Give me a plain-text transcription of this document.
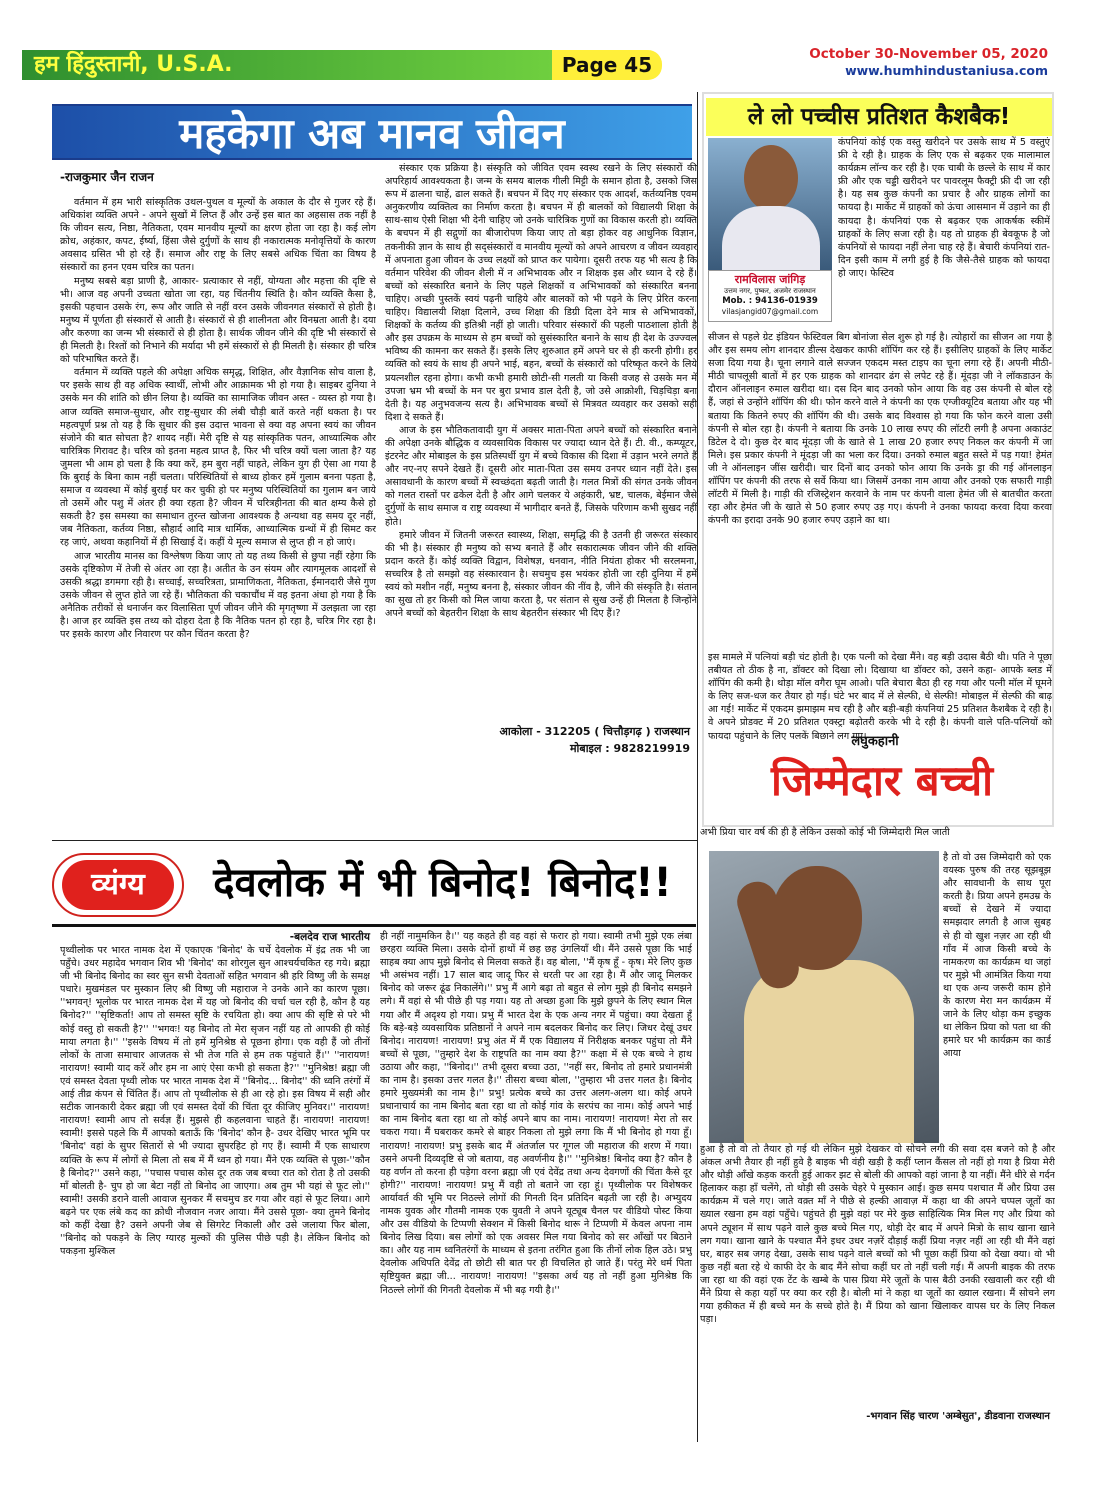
हम हिंदुस्तानी, U.S.A.	Page 45	October 30-November 05, 2020
www.humhindustaniusa.com
महकेगा अब मानव जीवन
-राजकुमार जैन राजन

वर्तमान में हम भारी सांस्कृतिक उथल-पुथल व मूल्यों के अकाल के दौर से गुजर रहे हैं। अधिकांश व्यक्ति अपने - अपने सुखों में लिप्त हैं और उन्हें इस बात का अहसास तक नहीं है कि जीवन सत्य, निष्ठा, नैतिकता, एवम मानवीय मूल्यों का क्षरण होता जा रहा है। कई लोग क्रोध, अहंकार, कपट, ईर्ष्या, हिंसा जैसे दुर्गुणों के साथ ही नकारात्मक मनोवृत्तियों के कारण अवसाद ग्रसित भी हो रहे हैं। समाज और राष्ट्र के लिए सबसे अधिक चिंता का विषय है संस्कारों का हनन एवम चरित्र का पतन।

मनुष्य सबसे बड़ा प्राणी है, आकार- प्रत्याकार से नहीं, योग्यता और महत्ता की दृष्टि से भी। आज वह अपनी उच्चता खोता जा रहा, यह चिंतनीय स्थिति है। कौन व्यक्ति कैसा है, इसकी पहचान उसके रंग, रूप और जाति से नहीं वरन उसके जीवनगत संस्कारों से होती है। मनुष्य में पूर्णता ही संस्कारों से आती है। संस्कारों से ही शालीनता और विनम्रता आती है। दया और करुणा का जन्म भी संस्कारों से ही होता है। सार्थक जीवन जीने की दृष्टि भी संस्कारों से ही मिलती है। रिश्तों को निभाने की मर्यादा भी हमें संस्कारों से ही मिलती है। संस्कार ही चरित्र को परिभाषित करते हैं।

वर्तमान में व्यक्ति पहले की अपेक्षा अधिक समृद्ध, शिक्षित, और वैज्ञानिक सोच वाला है, पर इसके साथ ही वह अधिक स्वार्थी, लोभी और आक्रामक भी हो गया है। साइबर दुनिया ने उसके मन की शांति को छीन लिया है। व्यक्ति का सामाजिक जीवन अस्त - व्यस्त हो गया है। आज व्यक्ति समाज-सुधार, और राष्ट्र-सुधार की लंबी चौड़ी बातें करते नहीं थकता है। पर महत्वपूर्ण प्रश्न तो यह है कि सुधार की इस उदात्त भावना से क्या वह अपना स्वयं का जीवन संजोने की बात सोचता है? शायद नहीं। मेरी दृष्टि से यह सांस्कृतिक पतन, आध्यात्मिक और चारित्रिक गिरावट है। चरित्र को इतना महत्व प्राप्त है, फिर भी चरित्र क्यों चला जाता है? यह जुमला भी आम हो चला है कि क्या करें, हम बुरा नहीं चाहते, लेकिन युग ही ऐसा आ गया है कि बुराई के बिना काम नहीं चलता। परिस्थितियों से बाध्य होकर हमें गुलाम बनना पड़ता है, समाज व व्यवस्था में कोई बुराई घर कर चुकी हो पर मनुष्य परिस्थितियों का गुलाम बन जाये तो उसमें और पशु में अंतर ही क्या रहता है? जीवन में चरित्रहीनता की बात क्षम्य कैसे हो सकती है? इस समस्या का समाधान तुरन्त खोजना आवश्यक है अन्यथा वह समय दूर नहीं, जब नैतिकता, कर्तव्य निष्ठा, सौहार्द आदि मात्र धार्मिक, आध्यात्मिक ग्रन्थों में ही सिमट कर रह जाएं, अथवा कहानियों में ही सिखाई दें। कहीं ये मूल्य समाज से लुप्त ही न हो जाएं।

आज भारतीय मानस का विश्लेषण किया जाए तो यह तथ्य किसी से छुपा नहीं रहेगा कि उसके दृष्टिकोण में तेजी से अंतर आ रहा है। अतीत के उन संयम और त्यागमूलक आदर्शों से उसकी श्रद्धा डगमगा रही है। सच्चाई, सच्चरित्रता, प्रामाणिकता, नैतिकता, ईमानदारी जैसे गुण उसके जीवन से लुप्त होते जा रहे हैं। भौतिकता की चकाचौंध में वह इतना अंधा हो गया है कि अनैतिक तरीकों से धनार्जन कर विलासिता पूर्ण जीवन जीने की मृगतृष्णा में उलझता जा रहा है। आज हर व्यक्ति इस तथ्य को दोहरा देता है कि नैतिक पतन हो रहा है, चरित्र गिर रहा है। पर इसके कारण और निवारण पर कौन चिंतन करता है?

संस्कार एक प्रक्रिया है। संस्कृति को जीवित एवम स्वस्थ रखने के लिए संस्कारों की अपरिहार्य आवश्यकता है। जन्म के समय बालक गीली मिट्टी के समान होता है, उसको जिस रूप में ढालना चाहें, ढाल सकते हैं। बचपन में दिए गए संस्कार एक आदर्श, कर्तव्यनिष्ठ एवम अनुकरणीय व्यक्तित्व का निर्माण करता है। बचपन में ही बालकों को विद्यालयी शिक्षा के साथ-साथ ऐसी शिक्षा भी देनी चाहिए जो उनके चारित्रिक गुणों का विकास करती हो। व्यक्ति के बचपन में ही सद्गुणों का बीजारोपण किया जाए तो बड़ा होकर वह आधुनिक विज्ञान, तकनीकी ज्ञान के साथ ही सद्संस्कारों व मानवीय मूल्यों को अपने आचरण व जीवन व्यवहार में अपनाता हुआ जीवन के उच्च लक्ष्यों को प्राप्त कर पायेगा। दूसरी तरफ यह भी सत्य है कि वर्तमान परिवेश की जीवन शैली में न अभिभावक और न शिक्षक इस और ध्यान दे रहे हैं। बच्चों को संस्कारित बनाने के लिए पहले शिक्षकों व अभिभावकों को संस्कारित बनना चाहिए। अच्छी पुस्तकें स्वयं पढ़नी चाहिये और बालकों को भी पढ़ने के लिए प्रेरित करना चाहिए। विद्यालयी शिक्षा दिलाने, उच्च शिक्षा की डिग्री दिला देने मात्र से अभिभावकों, शिक्षकों के कर्तव्य की इतिश्री नहीं हो जाती। परिवार संस्कारों की पहली पाठशाला होती है और इस उपक्रम के माध्यम से हम बच्चों को सुसंस्कारित बनाने के साथ ही देश के उज्ज्वल भविष्य की कामना कर सकते हैं। इसके लिए शुरुआत हमें अपने घर से ही करनी होगी। हर व्यक्ति को स्वयं के साथ ही अपने भाई, बहन, बच्चों के संस्कारों को परिष्कृत करने के लिये प्रयत्नशील रहना होगा। कभी कभी हमारी छोटी-सी गलती या किसी वजह से उसके मन में उपजा भ्रम भी बच्चों के मन पर बुरा प्रभाव डाल देती है, जो उसे आक्रोशी, चिड़चिड़ा बना देती है। यह अनुभवजन्य सत्य है। अभिभावक बच्चों से मित्रवत व्यवहार कर उसको सही दिशा दे सकते हैं।

आज के इस भौतिकतावादी युग में अक्सर माता-पिता अपने बच्चों को संस्कारित बनाने की अपेक्षा उनके बौद्धिक व व्यवसायिक विकास पर ज्यादा ध्यान देते हैं। टी. वी., कम्प्यूटर, इंटरनेट और मोबाइल के इस प्रतिस्पर्धी युग में बच्चे विकास की दिशा में उड़ान भरने लगते हैं और नए-नए सपने देखते हैं। दूसरी ओर माता-पिता उस समय उनपर ध्यान नहीं देते। इस असावधानी के कारण बच्चों में स्वच्छंदता बढ़ती जाती है। गलत मित्रों की संगत उनके जीवन को गलत रास्तों पर ढकेल देती है और आगे चलकर ये अहंकारी, भ्रष्ट, चालक, बेईमान जैसे दुर्गुणों के साथ समाज व राष्ट्र व्यवस्था में भागीदार बनते हैं, जिसके परिणाम कभी सुखद नहीं होते।

हमारे जीवन में जितनी जरूरत स्वास्थ्य, शिक्षा, समृद्धि की है उतनी ही जरूरत संस्कार की भी है। संस्कार ही मनुष्य को सभ्य बनाते हैं और सकारात्मक जीवन जीने की शक्ति प्रदान करते हैं। कोई व्यक्ति विद्वान, विशेषज्ञ, धनवान, नीति नियंता होकर भी सरलमना, सच्चरित्र है तो समझो वह संस्कारवान है। सचमुच इस भयंकर होती जा रही दुनिया में हमें स्वयं को मशीन नहीं, मनुष्य बनना है, संस्कार जीवन की नींव है, जीने की संस्कृति है। संतान का सुख तो हर किसी को मिल जाया करता है, पर संतान से सुख उन्हें ही मिलता है जिन्होंने अपने बच्चों को बेहतरीन शिक्षा के साथ बेहतरीन संस्कार भी दिए हैं।?

आकोला - 312205 ( चित्तौड़गढ़ ) राजस्थान
मोबाइल : 9828219919
ले लो पच्चीस प्रतिशत कैशबैक!
रामविलास जांगिड़
उत्तम नगर, पुष्कर, अजमेर राजस्थान
Mob. : 94136-01939
vilasjangid07@gmail.com
कंपनियां कोई एक वस्तु खरीदने पर उसके साथ में 5 वस्तुएं फ्री दे रही है। ग्राहक के लिए एक से बढ़कर एक मालामाल कार्यक्रम लॉन्च कर रही है। एक चाबी के छल्ले के साथ में कार फ्री और एक चड्डी खरीदने पर पावरलूम फैक्ट्री फ्री दी जा रही है। यह सब कुछ कंपनी का प्रचार है और ग्राहक लोगों का फायदा है। मार्केट में ग्राहकों को ऊंचा आसमान में उड़ाने का ही कायदा है। कंपनियां एक से बढ़कर एक आकर्षक स्कीमें ग्राहकों के लिए सजा रही है। यह तो ग्राहक ही बेवकूफ है जो कंपनियों से फायदा नहीं लेना चाह रहे हैं। बेचारी कंपनियां रात-दिन इसी काम में लगी हुई है कि जैसे-तैसे ग्राहक को फायदा हो जाए। फेस्टिव
सीजन से पहले ग्रेट इंडियन फेस्टिवल बिग बोनांजा सेल शुरू हो गई है। त्योहारों का सीजन आ गया है और इस समय लोग शानदार डील्स देखकर काफी शॉपिंग कर रहे हैं। इसीलिए ग्राहकों के लिए मार्केट सजा दिया गया है। चूना लगाने वाले सज्जन एकदम मस्त टाइप का चूना लगा रहे हैं। अपनी मीठी-मीठी चापलूसी बातों में हर एक ग्राहक को शानदार ढंग से लपेट रहे हैं। मूंदड़ा जी ने लॉकडाउन के दौरान ऑनलाइन रुमाल खरीदा था। दस दिन बाद उनको फोन आया कि वह उस कंपनी से बोल रहे हैं, जहां से उन्होंने शॉपिंग की थी। फोन करने वाले ने कंपनी का एक एग्जीक्यूटिव बताया और यह भी बताया कि कितने रुपए की शॉपिंग की थी। उसके बाद विश्वास हो गया कि फोन करने वाला उसी कंपनी से बोल रहा है। कंपनी ने बताया कि उनके 10 लाख रुपए की लॉटरी लगी है अपना अकाउंट डिटेल दे दो। कुछ देर बाद मूंदड़ा जी के खाते से 1 लाख 20 हजार रुपए निकल कर कंपनी में जा मिले। इस प्रकार कंपनी ने मूंदड़ा जी का भला कर दिया। उनको रुमाल बहुत सस्ते में पड़ गया! हेमंत जी ने ऑनलाइन जींस खरीदी। चार दिनों बाद उनको फोन आया कि उनके ड्रा की गई ऑनलाइन शॉपिंग पर कंपनी की तरफ से सर्वे किया था। जिसमें उनका नाम आया और उनको एक सफारी गाड़ी लॉटरी में मिली है। गाड़ी की रजिस्ट्रेशन करवाने के नाम पर कंपनी वाला हेमंत जी से बातचीत करता रहा और हेमंत जी के खाते से 50 हजार रुपए उड़ गए। कंपनी ने उनका फायदा करवा दिया करवा कंपनी का इरादा उनके 90 हजार रुपए उड़ाने का था।
इस मामले में पत्नियां बड़ी चंट होती है। एक पत्नी को देखा मैंने। वह बड़ी उदास बैठी थी। पति ने पूछा तबीयत तो ठीक है ना, डॉक्टर को दिखा लो। दिखाया था डॉक्टर को, उसने कहा- आपके ब्लड में शॉपिंग की कमी है। थोड़ा मॉल वगैरा घूम आओ। पति बेचारा बैठा ही रह गया और पत्नी मॉल में घूमने के लिए सज-धज कर तैयार हो गई। घंटे भर बाद में ले सेल्फी, धे सेल्फी! मोबाइल में सेल्फी की बाढ़ आ गई! मार्केट में एकदम झमाझम मच रही है और बड़ी-बड़ी कंपनियां 25 प्रतिशत कैशबैक दे रही है। वे अपने प्रोडक्ट में 20 प्रतिशत एक्स्ट्रा बढ़ोतरी करके भी दे रही है। कंपनी वाले पति-पत्नियों को फायदा पहुंचाने के लिए पलकें बिछाने लग गए।
लघुकहानी
जिम्मेदार बच्ची
अभी प्रिया चार वर्ष की ही है लेकिन उसको कोई भी जिम्मेदारी मिल जाती
है तो वो उस जिम्मेदारी को एक वयस्क पुरुष की तरह सूझबूझ और सावधानी के साथ पूरा करती है। प्रिया अपने हमउम्र के बच्चों से देखने में ज्यादा समझदार लगती है आज सुबह से ही वो खुश नज़र आ रही थी गाँव में आज किसी बच्चे के नामकरण का कार्यक्रम था जहां पर मुझे भी आमंत्रित किया गया था एक अन्य जरूरी काम होने के कारण मेरा मन कार्यक्रम में जाने के लिए थोड़ा कम इच्छुक था लेकिन प्रिया को पता था की हमारे घर भी कार्यक्रम का कार्ड आया
हुआ है तो वो तो तैयार हो गई थी लेकिन मुझे देखकर वो सोचने लगी की सवा दस बजने को है और अंकल अभी तैयार ही नहीं हुवे है बाइक भी वंही खड़ी है कहीं प्लान कैंसल तो नहीं हो गया है प्रिया मेरी और थोड़ी आँखे कड़क करती हुई आकर झट से बोली की आपको वहां जाना है या नहीं। मैंने धीरे से गर्दन हिलाकर कहा हाँ चलेंगे, तो थोड़ी सी उसके चेहरे पे मुस्कान आई। कुछ समय पशचात मैं और प्रिया उस कार्यक्रम में चले गए। जाते वक़्त माँ ने पीछे से हल्की आवाज़ में कहा था की अपने चप्पल जूतों का ख्याल रखना हम वहां पहुँचे। पहुंचते ही मुझे वहां पर मेरे कुछ साहित्यिक मित्र मिल गए और प्रिया को अपने ट्यूशन में साथ पढ़ने वाले कुछ बच्चे मिल गए, थोड़ी देर बाद में अपने मित्रो के साथ खाना खाने लग गया। खाना खाने के पश्चात मैंने इधर उधर नज़रें दौड़ाई कहीं प्रिया नज़र नहीं आ रही थी मैंने वहां घर, बाहर सब जगह देखा, उसके साथ पढ़ने वाले बच्चों को भी पूछा कहीं प्रिया को देखा क्या। वो भी कुछ नहीं बता रहे थे काफी देर के बाद मैंने सोचा कहीं घर तो नहीं चली गई। मैं अपनी बाइक की तरफ जा रहा था की वहां एक टेंट के खम्बे के पास प्रिया मेरे जूतों के पास बैठी उनकी रखवाली कर रही थी मैंने प्रिया से कहा यहाँ पर क्या कर रही है। बोली मां ने कहा था जूतों का ख्याल रखना। मैं सोचने लग गया हकीकत में ही बच्चे मन के सच्चे होते है। मैं प्रिया को खाना खिलाकर वापस घर के लिए निकल पड़ा।
-भगवान सिंह चारण 'अम्बेसुत', डीडवाना राजस्थान
व्यंग्य	देवलोक में भी बिनोद! बिनोद!!
-बलदेव राज भारतीय
पृथ्वीलोक पर भारत नामक देश में एकाएक 'बिनोद' के चर्चे देवलोक में इंद्र तक भी जा पहुँचे। उधर महादेव भगवान शिव भी 'बिनोद' का शोरगुल सुन आश्चर्यचकित रह गये। ब्रह्मा जी भी बिनोद बिनोद का स्वर सुन सभी देवताओं सहित भगवान श्री हरि विष्णु जी के समक्ष पधारे। मुखमंडल पर मुस्कान लिए श्री विष्णु जी महाराज ने उनके आने का कारण पूछा। ''भगवन्! भूलोक पर भारत नामक देश में यह जो बिनोद की चर्चा चल रही है, कौन है यह बिनोद?'' ''सृष्टिकर्ता! आप तो समस्त सृष्टि के रचयिता हो। क्या आप की सृष्टि से परे भी कोई वस्तु हो सकती है?'' ''भगवः! यह बिनोद तो मेरा सृजन नहीं यह तो आपकी ही कोई माया लगता है।'' ''इसके विषय में तो हमें मुनिश्रेष्ठ से पूछना होगा। एक वही हैं जो तीनों लोकों के ताजा समाचार आजतक से भी तेज गति से हम तक पहुंचाते हैं।'' ''नारायण! नारायण! स्वामी याद करें और हम ना आएं ऐसा कभी हो सकता है?'' ''मुनिश्रेष्ठ! ब्रह्मा जी एवं समस्त देवता पृथ्वी लोक पर भारत नामक देश में ''बिनोद... बिनोद'' की ध्वनि तरंगों में आई तीव्र कंपन से चिंतित हैं। आप तो पृथ्वीलोक से ही आ रहे हो। इस विषय में सही और सटीक जानकारी देकर ब्रह्मा जी एवं समस्त देवों की चिंता दूर कीजिए मुनिवर।'' नारायण! नारायण! स्वामी आप तो सर्वज्ञ हैं। मुझसे ही कहलवाना चाहते हैं। नारायण! नारायण! स्वामी! इससे पहले कि मैं आपको बताऊँ कि 'बिनोद' कौन है- उधर देखिए भारत भूमि पर 'बिनोद' वहां के सुपर सितारों से भी ज्यादा सुपरहिट हो गए हैं। स्वामी मैं एक साधारण व्यक्ति के रूप में लोगों से मिला तो सब में मैं ध्वन हो गया। मैंने एक व्यक्ति से पूछा-''कौन है बिनोद?'' उसने कहा, ''पचास पचास कोस दूर तक जब बच्चा रात को रोता है तो उसकी माँ बोलती है- चुप हो जा बेटा नहीं तो बिनोद आ जाएगा। अब तुम भी यहां से फूट लो।'' स्वामी! उसकी डराने वाली आवाज सुनकर मैं सचमुच डर गया और वहां से फूट लिया। आगे बढ़ने पर एक लंबे कद का क्रोधी नौजवान नजर आया। मैंने उससे पूछा- क्या तुमने बिनोद को कहीं देखा है? उसने अपनी जेब से सिगरेट निकाली और उसे जलाया फिर बोला, ''बिनोद को पकड़ने के लिए ग्यारह मुल्कों की पुलिस पीछे पड़ी है। लेकिन बिनोद को पकड़ना मुश्किल
ही नहीं नामुमकिन है।'' यह कहते ही वह वहां से फरार हो गया। स्वामी तभी मुझे एक लंबा छरहरा व्यक्ति मिला। उसके दोनों हाथों में छह छह उंगलियाँ थी। मैंने उससे पूछा कि भाई साहब क्या आप मुझे बिनोद से मिलवा सकते हैं। वह बोला, ''मैं कृष हूँ - कृष। मेरे लिए कुछ भी असंभव नहीं। 17 साल बाद जादू फिर से धरती पर आ रहा है। मैं और जादू मिलकर बिनोद को जरूर ढूंढ निकालेंगे।'' प्रभु मैं आगे बढ़ा तो बहुत से लोग मुझे ही बिनोद समझने लगे। मैं वहां से भी पीछे ही पड़ गया। यह तो अच्छा हुआ कि मुझे छुपने के लिए स्थान मिल गया और मैं अदृश्य हो गया। प्रभु मैं भारत देश के एक अन्य नगर में पहुंचा। क्या देखता हूँ कि बड़े-बड़े व्यवसायिक प्रतिष्ठानों ने अपने नाम बदलकर बिनोद कर लिए। जिधर देखूं उधर बिनोद। नारायण! नारायण! प्रभु अंत में मैं एक विद्यालय में निरीक्षक बनकर पहुंचा तो मैंने बच्चों से पूछा, ''तुम्हारे देश के राष्ट्रपति का नाम क्या है?'' कक्षा में से एक बच्चे ने हाथ उठाया और कहा, ''बिनोद।'' तभी दूसरा बच्चा उठा, ''नहीं सर, बिनोद तो हमारे प्रधानमंत्री का नाम है। इसका उत्तर गलत है।'' तीसरा बच्चा बोला, ''तुम्हारा भी उत्तर गलत है। बिनोद हमारे मुख्यमंत्री का नाम है।'' प्रभु! प्रत्येक बच्चे का उत्तर अलग-अलग था। कोई अपने प्रधानाचार्य का नाम बिनोद बता रहा था तो कोई गांव के सरपंच का नाम। कोई अपने भाई का नाम बिनोद बता रहा था तो कोई अपने बाप का नाम। नारायण! नारायण! मेरा तो सर चकरा गया। मैं घबराकर कमरे से बाहर निकला तो मुझे लगा कि मैं भी बिनोद हो गया हूँ। नारायण! नारायण! प्रभु इसके बाद मैं अंतर्जाल पर गूगल जी महाराज की शरण में गया। उसने अपनी दिव्यदृष्टि से जो बताया, वह अवर्णनीय है।'' ''मुनिश्रेष्ठ! बिनोद क्या है? कौन है यह वर्णन तो करना ही पड़ेगा वरना ब्रह्मा जी एवं देवेंद्र तथा अन्य देवगणों की चिंता कैसे दूर होगी?'' नारायण! नारायण! प्रभु मैं वही तो बताने जा रहा हूं। पृथ्वीलोक पर विशेषकर आर्यावर्त की भूमि पर निठल्ले लोगों की गिनती दिन प्रतिदिन बढ़ती जा रही है। अभ्युदय नामक युवक और गौतमी नामक एक युवती ने अपने यूट्यूब चैनल पर वीडियो पोस्ट किया और उस वीडियो के टिप्पणी सेक्शन में किसी बिनोद थारू ने टिप्पणी में केवल अपना नाम बिनोद लिख दिया। बस लोगों को एक अवसर मिल गया बिनोद को सर आँखों पर बिठाने का। और यह नाम ध्वनितरंगों के माध्यम से इतना तरंगित हुआ कि तीनों लोक हिल उठे। प्रभु देवलोक अधिपति देवेंद्र तो छोटी सी बात पर ही विचलित हो जाते हैं। परंतु मेरे धर्म पिता सृष्टियुक्त ब्रह्मा जी... नारायण! नारायण! ''इसका अर्थ यह तो नहीं हुआ मुनिश्रेष्ठ कि निठल्ले लोगों की गिनती देवलोक में भी बढ़ गयी है।''
